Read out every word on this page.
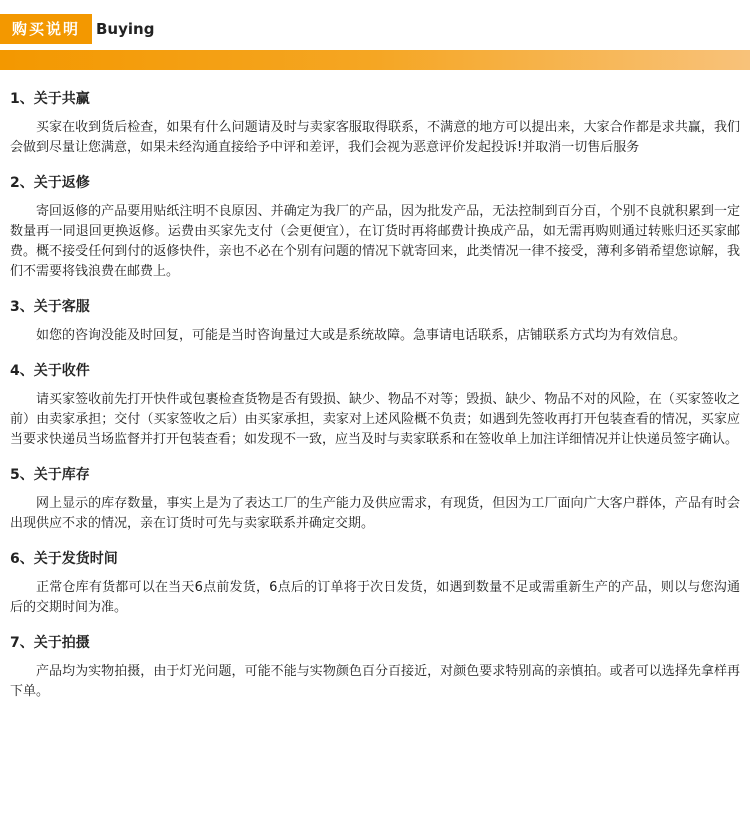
购买说明	Buying
1、关于共赢

买家在收到货后检查，如果有什么问题请及时与卖家客服取得联系，不满意的地方可以提出来，大家合作都是求共赢，我们会做到尽量让您满意，如果未经沟通直接给予中评和差评，我们会视为恶意评价发起投诉!并取消一切售后服务

2、关于返修

寄回返修的产品要用贴纸注明不良原因、并确定为我厂的产品，因为批发产品，无法控制到百分百，个别不良就积累到一定数量再一同退回更换返修。运费由买家先支付（会更便宜），在订货时再将邮费计换成产品，如无需再购则通过转账归还买家邮费。概不接受任何到付的返修快件，亲也不必在个别有问题的情况下就寄回来，此类情况一律不接受，薄利多销希望您谅解，我们不需要将钱浪费在邮费上。

3、关于客服

如您的咨询没能及时回复，可能是当时咨询量过大或是系统故障。急事请电话联系，店铺联系方式均为有效信息。

4、关于收件

请买家签收前先打开快件或包裹检查货物是否有毁损、缺少、物品不对等；毁损、缺少、物品不对的风险，在（买家签收之前）由卖家承担；交付（买家签收之后）由买家承担，卖家对上述风险概不负责；如遇到先签收再打开包装查看的情况，买家应当要求快递员当场监督并打开包装查看；如发现不一致，应当及时与卖家联系和在签收单上加注详细情况并让快递员签字确认。

5、关于库存

网上显示的库存数量，事实上是为了表达工厂的生产能力及供应需求，有现货，但因为工厂面向广大客户群体，产品有时会出现供应不求的情况，亲在订货时可先与卖家联系并确定交期。

6、关于发货时间

正常仓库有货都可以在当天6点前发货，6点后的订单将于次日发货，如遇到数量不足或需重新生产的产品，则以与您沟通后的交期时间为准。

7、关于拍摄

产品均为实物拍摄，由于灯光问题，可能不能与实物颜色百分百接近，对颜色要求特别高的亲慎拍。或者可以选择先拿样再下单。
